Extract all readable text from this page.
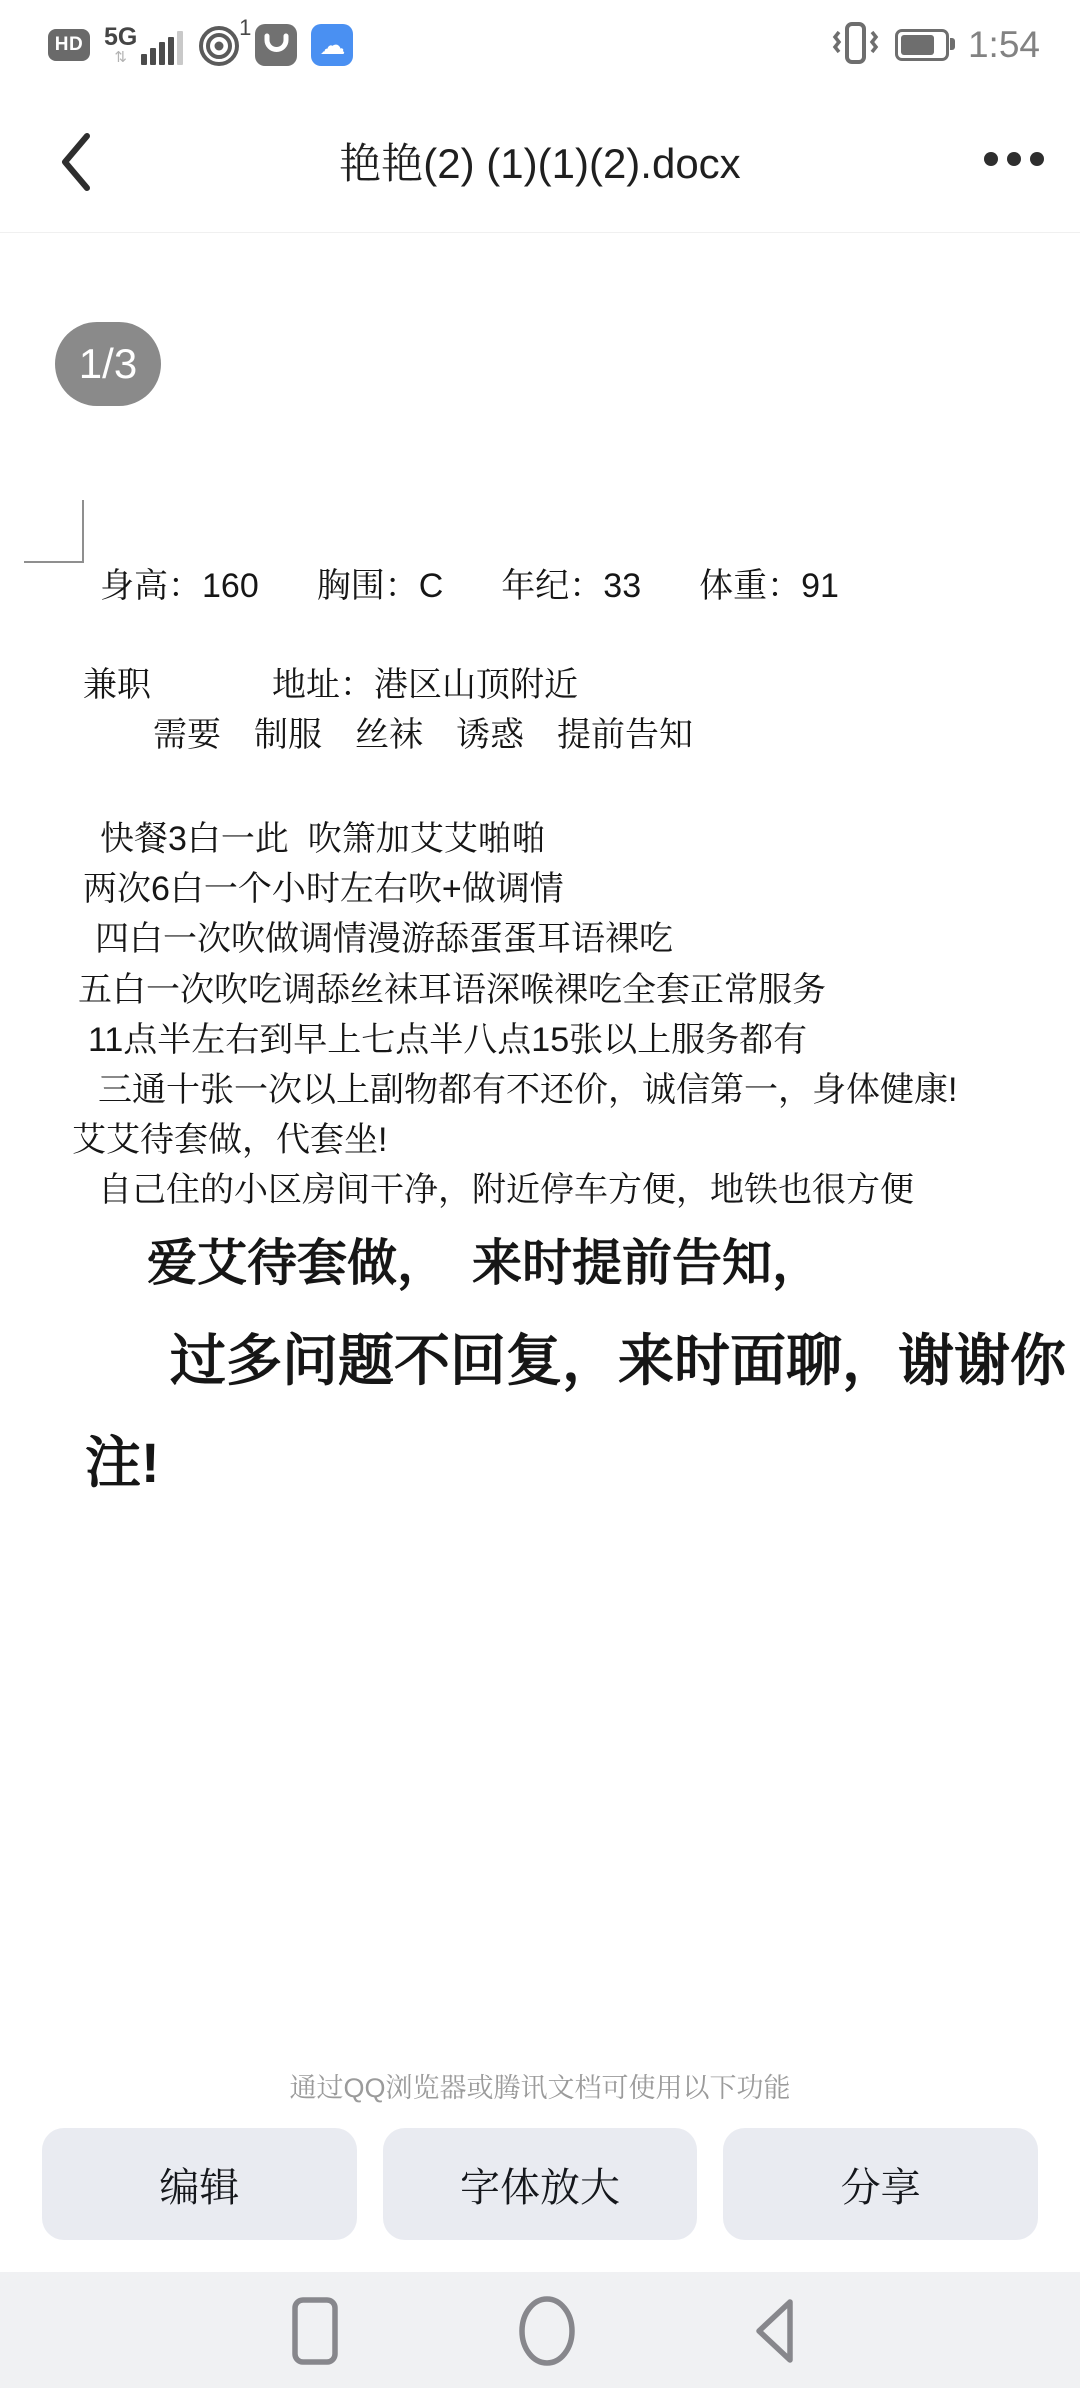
HD 5G
⇅
1
☁	1:54
艳艳(2) (1)(1)(2).docx
1/3
身高：160 胸围：C 年纪：33 体重：91
兼职	地址：港区山顶附近
需要 制服 丝袜 诱惑 提前告知
快餐3白一此  吹箫加艾艾啪啪
两次6白一个小时左右吹+做调情
四白一次吹做调情漫游舔蛋蛋耳语裸吃
五白一次吹吃调舔丝袜耳语深喉裸吃全套正常服务
11点半左右到早上七点半八点15张以上服务都有
三通十张一次以上副物都有不还价，诚信第一，身体健康!
艾艾待套做，代套坐!
自己住的小区房间干净，附近停车方便，地铁也很方便
爱艾待套做，　来时提前告知，
过多问题不回复，来时面聊，谢谢你
注!
通过QQ浏览器或腾讯文档可使用以下功能
编辑	字体放大	分享
